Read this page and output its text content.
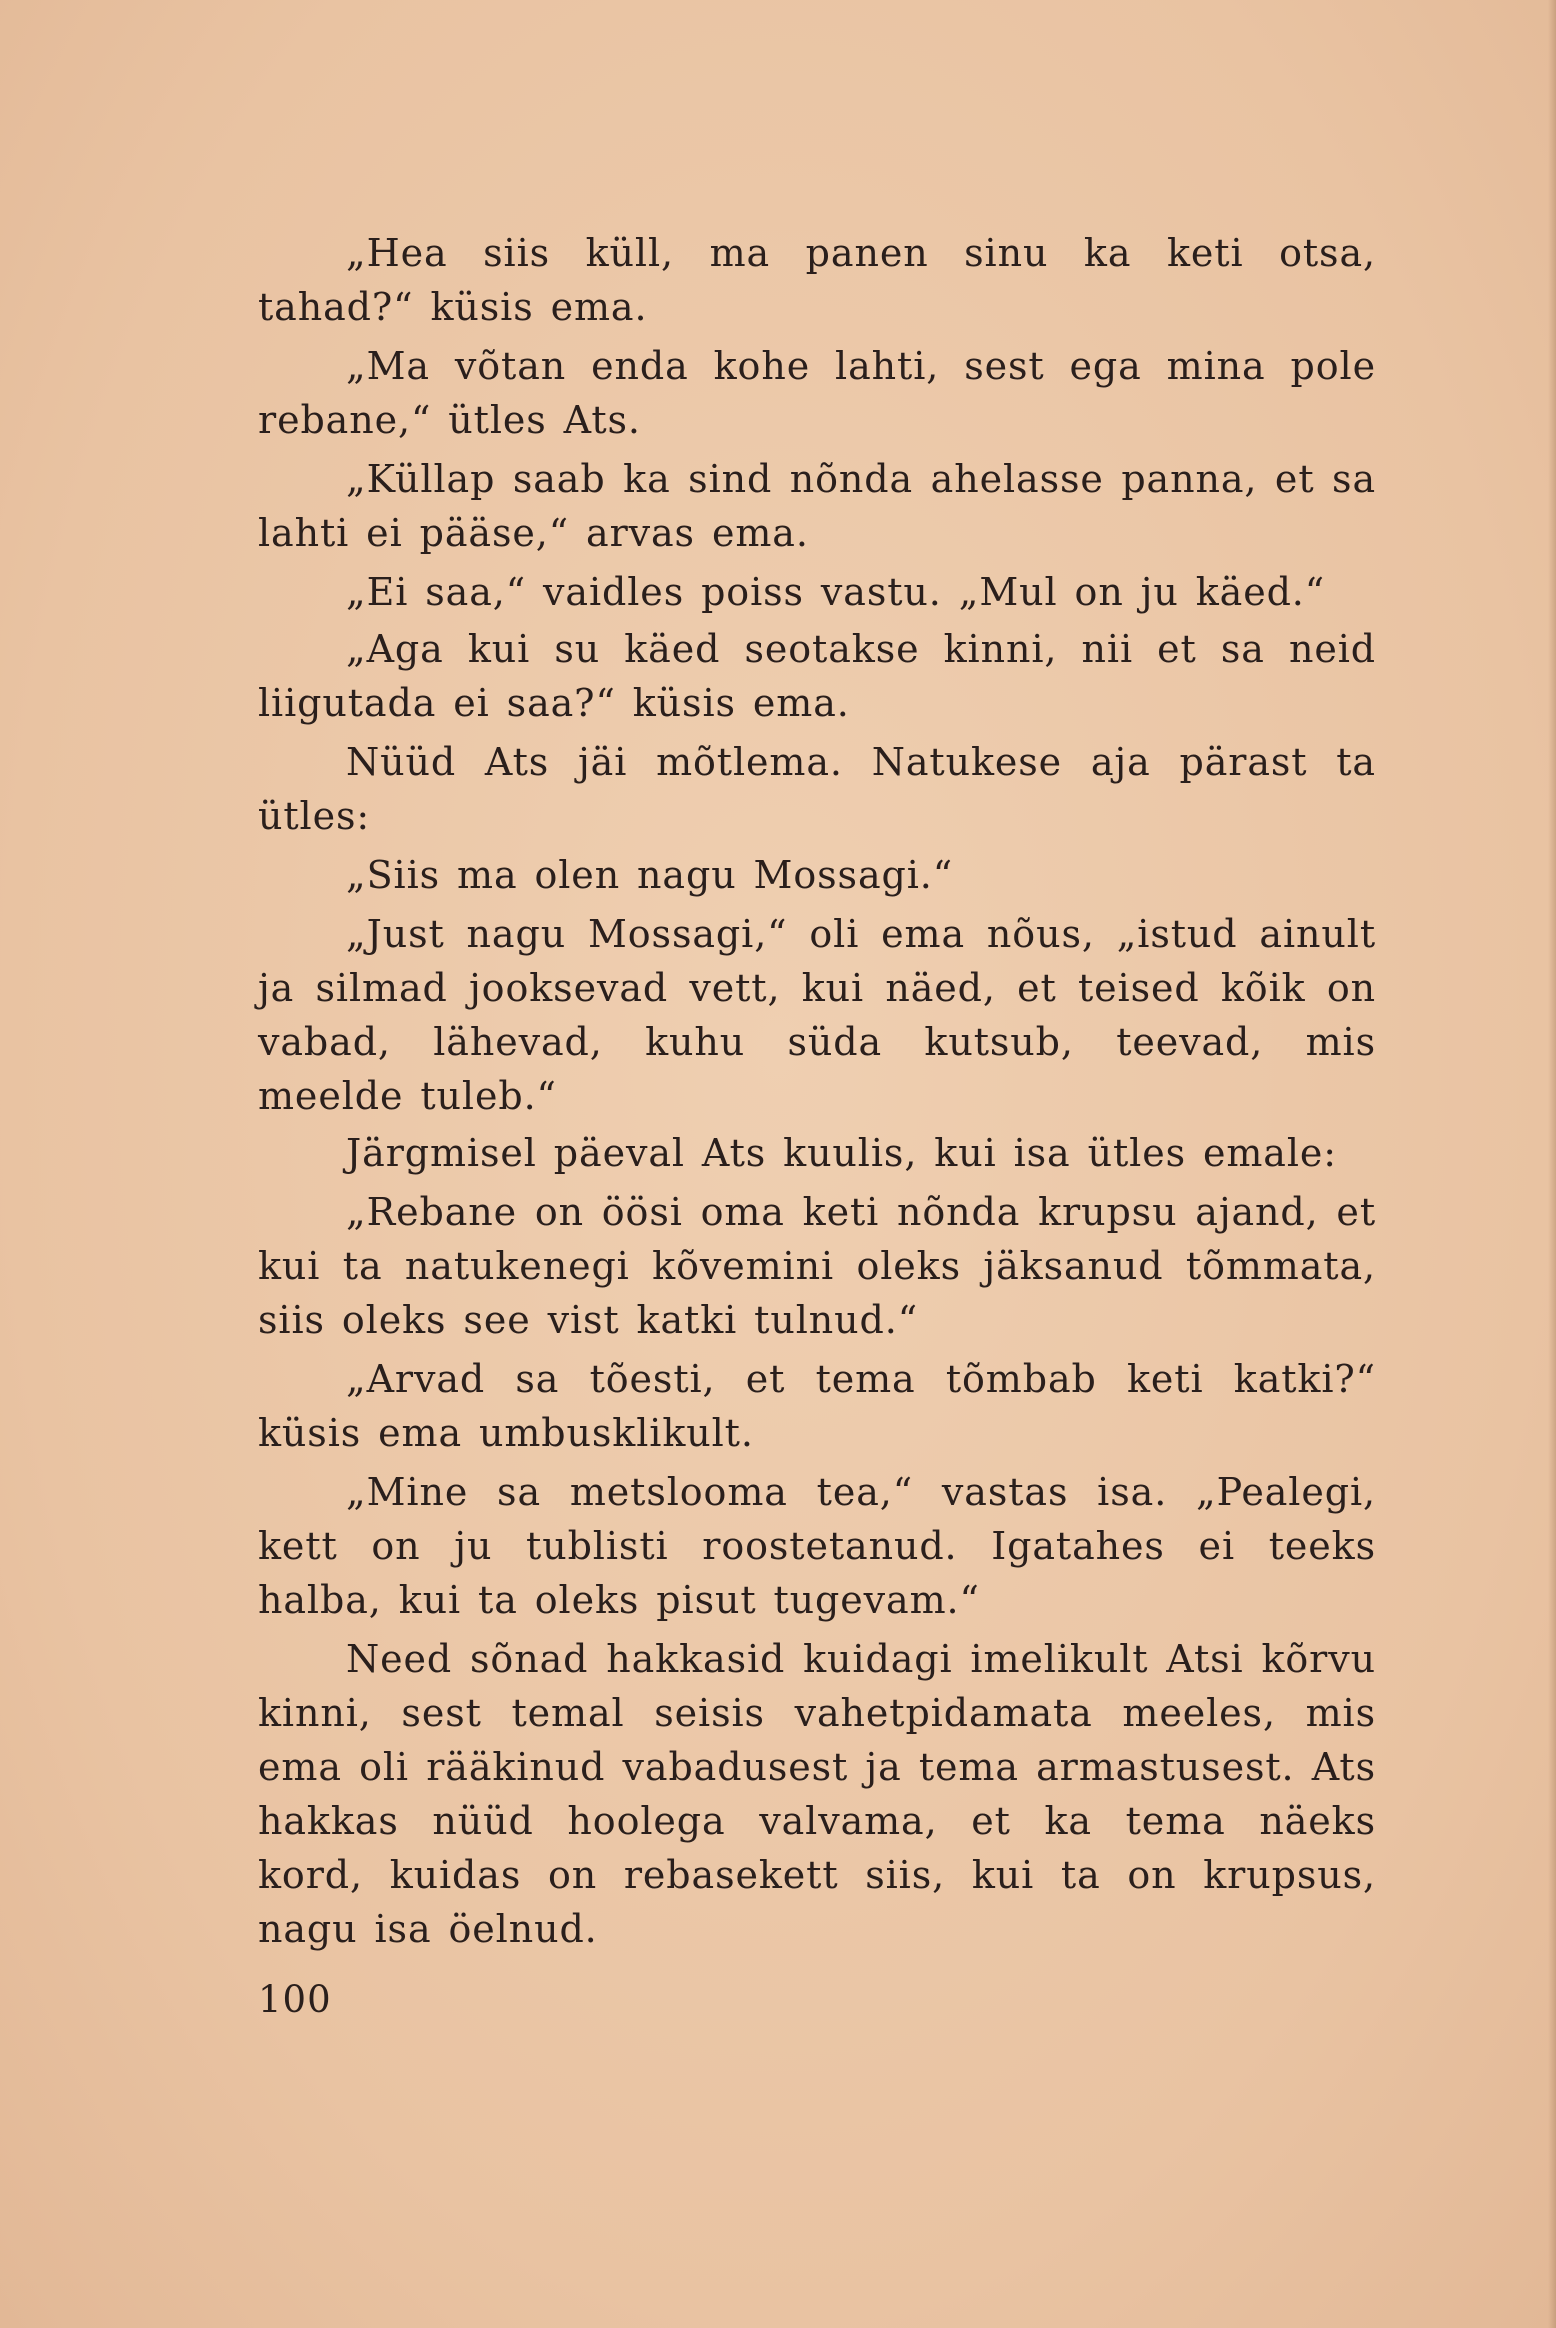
„Hea siis küll, ma panen sinu ka keti otsa, tahad?“ küsis ema.

„Ma võtan enda kohe lahti, sest ega mina pole rebane,“ ütles Ats.

„Küllap saab ka sind nõnda ahelasse panna, et sa lahti ei pääse,“ arvas ema.

„Ei saa,“ vaidles poiss vastu. „Mul on ju käed.“

„Aga kui su käed seotakse kinni, nii et sa neid liigutada ei saa?“ küsis ema.

Nüüd Ats jäi mõtlema. Natukese aja pärast ta ütles:

„Siis ma olen nagu Mossagi.“

„Just nagu Mossagi,“ oli ema nõus, „istud ainult ja silmad jooksevad vett, kui näed, et teised kõik on vabad, lähevad, kuhu süda kutsub, teevad, mis meelde tuleb.“

Järgmisel päeval Ats kuulis, kui isa ütles emale:

„Rebane on öösi oma keti nõnda krupsu ajand, et kui ta natukenegi kõvemini oleks jäksanud tõmmata, siis oleks see vist katki tulnud.“

„Arvad sa tõesti, et tema tõmbab keti katki?“ küsis ema umbusklikult.

„Mine sa metslooma tea,“ vastas isa. „Pealegi, kett on ju tublisti roostetanud. Igatahes ei teeks halba, kui ta oleks pisut tugevam.“

Need sõnad hakkasid kuidagi imelikult Atsi kõrvu kinni, sest temal seisis vahetpidamata meeles, mis ema oli rääkinud vabadusest ja tema armastusest. Ats hakkas nüüd hoolega valvama, et ka tema näeks kord, kuidas on rebasekett siis, kui ta on krupsus, nagu isa öelnud.

100
